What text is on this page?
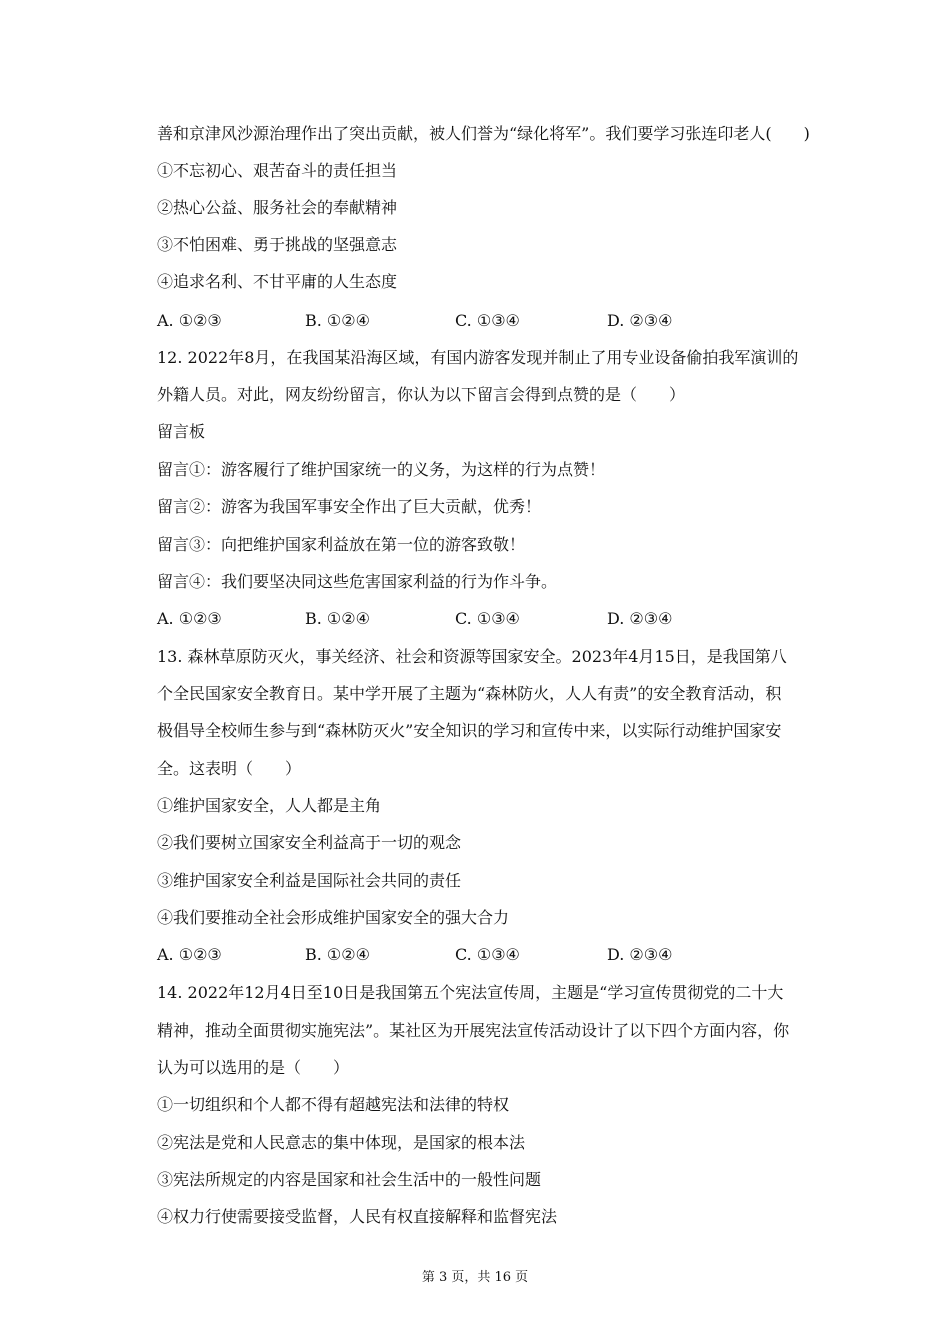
善和京津风沙源治理作出了突出贡献，被人们誉为“绿化将军”。我们要学习张连印老人(　　)
①不忘初心、艰苦奋斗的责任担当
②热心公益、服务社会的奉献精神
③不怕困难、勇于挑战的坚强意志
④追求名利、不甘平庸的人生态度
A. ①②③	B. ①②④	C. ①③④	D. ②③④
12. 2022年8月，在我国某沿海区域，有国内游客发现并制止了用专业设备偷拍我军演训的
外籍人员。对此，网友纷纷留言，你认为以下留言会得到点赞的是（　　）
留言板
留言①：游客履行了维护国家统一的义务，为这样的行为点赞！
留言②：游客为我国军事安全作出了巨大贡献，优秀！
留言③：向把维护国家利益放在第一位的游客致敬！
留言④：我们要坚决同这些危害国家利益的行为作斗争。
A. ①②③	B. ①②④	C. ①③④	D. ②③④
13. 森林草原防灭火，事关经济、社会和资源等国家安全。2023年4月15日，是我国第八
个全民国家安全教育日。某中学开展了主题为“森林防火，人人有责”的安全教育活动，积
极倡导全校师生参与到“森林防灭火”安全知识的学习和宣传中来，以实际行动维护国家安
全。这表明（　　）
①维护国家安全，人人都是主角
②我们要树立国家安全利益高于一切的观念
③维护国家安全利益是国际社会共同的责任
④我们要推动全社会形成维护国家安全的强大合力
A. ①②③	B. ①②④	C. ①③④	D. ②③④
14. 2022年12月4日至10日是我国第五个宪法宣传周，主题是“学习宣传贯彻党的二十大
精神，推动全面贯彻实施宪法”。某社区为开展宪法宣传活动设计了以下四个方面内容，你
认为可以选用的是（　　）
①一切组织和个人都不得有超越宪法和法律的特权
②宪法是党和人民意志的集中体现，是国家的根本法
③宪法所规定的内容是国家和社会生活中的一般性问题
④权力行使需要接受监督，人民有权直接解释和监督宪法
第 3 页，共 16 页
